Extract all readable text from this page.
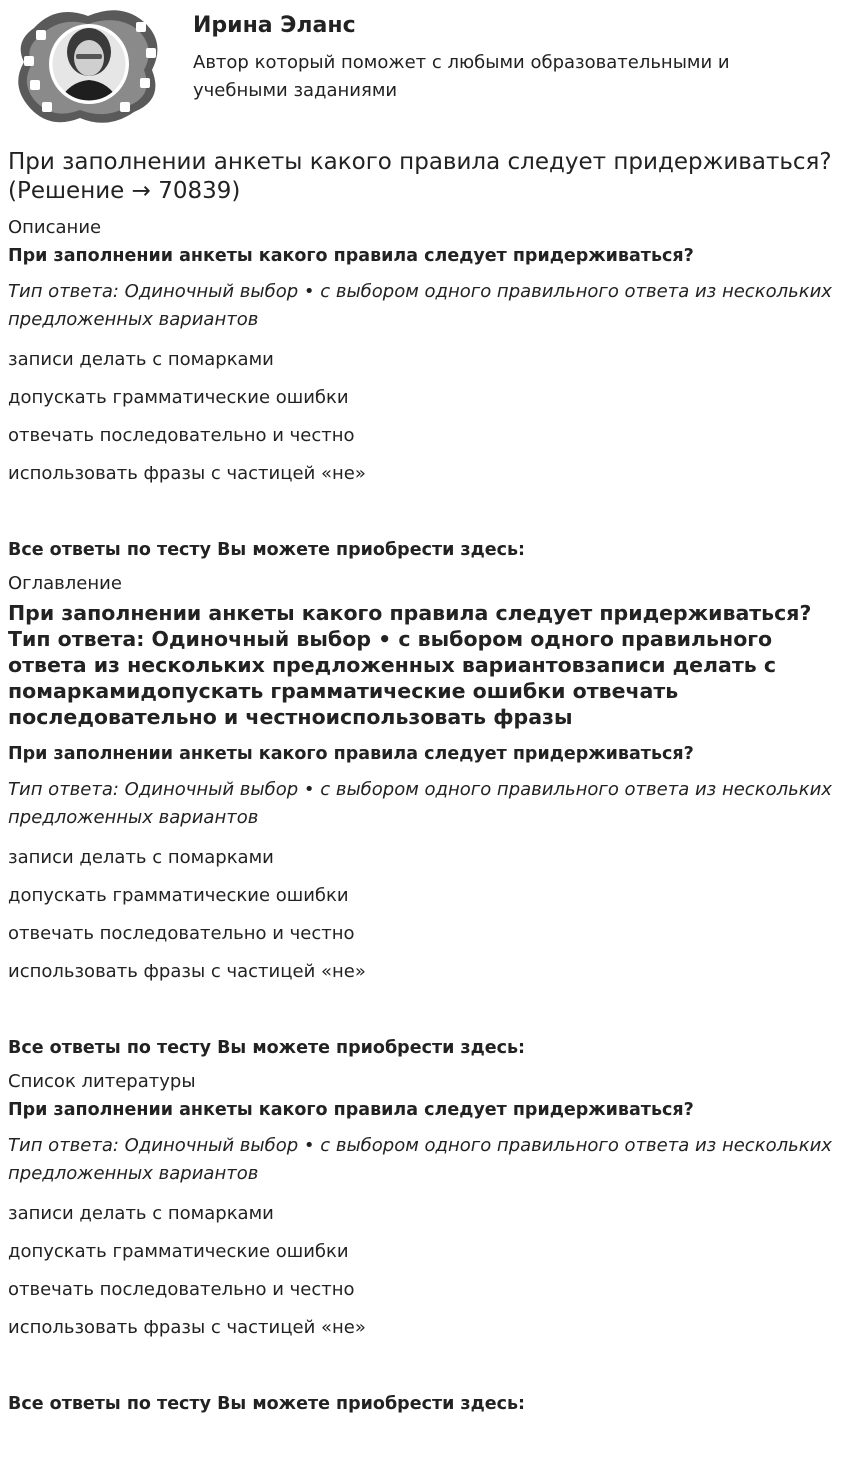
Ирина Эланс
Автор который поможет с любыми образовательными и учебными заданиями
При заполнении анкеты какого правила следует придерживаться? (Решение → 70839)
Описание
При заполнении анкеты какого правила следует придерживаться?
Тип ответа: Одиночный выбор • с выбором одного правильного ответа из нескольких предложенных вариантов
записи делать с помарками
допускать грамматические ошибки
отвечать последовательно и честно
использовать фразы с частицей «не»
Все ответы по тесту Вы можете приобрести здесь:
Оглавление
При заполнении анкеты какого правила следует придерживаться?Тип ответа: Одиночный выбор • с выбором одного правильного ответа из нескольких предложенных вариантовзаписи делать с помаркамидопускать грамматические ошибки отвечать последовательно и честноиспользовать фразы
При заполнении анкеты какого правила следует придерживаться?
Тип ответа: Одиночный выбор • с выбором одного правильного ответа из нескольких предложенных вариантов
записи делать с помарками
допускать грамматические ошибки
отвечать последовательно и честно
использовать фразы с частицей «не»
Все ответы по тесту Вы можете приобрести здесь:
Список литературы
При заполнении анкеты какого правила следует придерживаться?
Тип ответа: Одиночный выбор • с выбором одного правильного ответа из нескольких предложенных вариантов
записи делать с помарками
допускать грамматические ошибки
отвечать последовательно и честно
использовать фразы с частицей «не»
Все ответы по тесту Вы можете приобрести здесь:
